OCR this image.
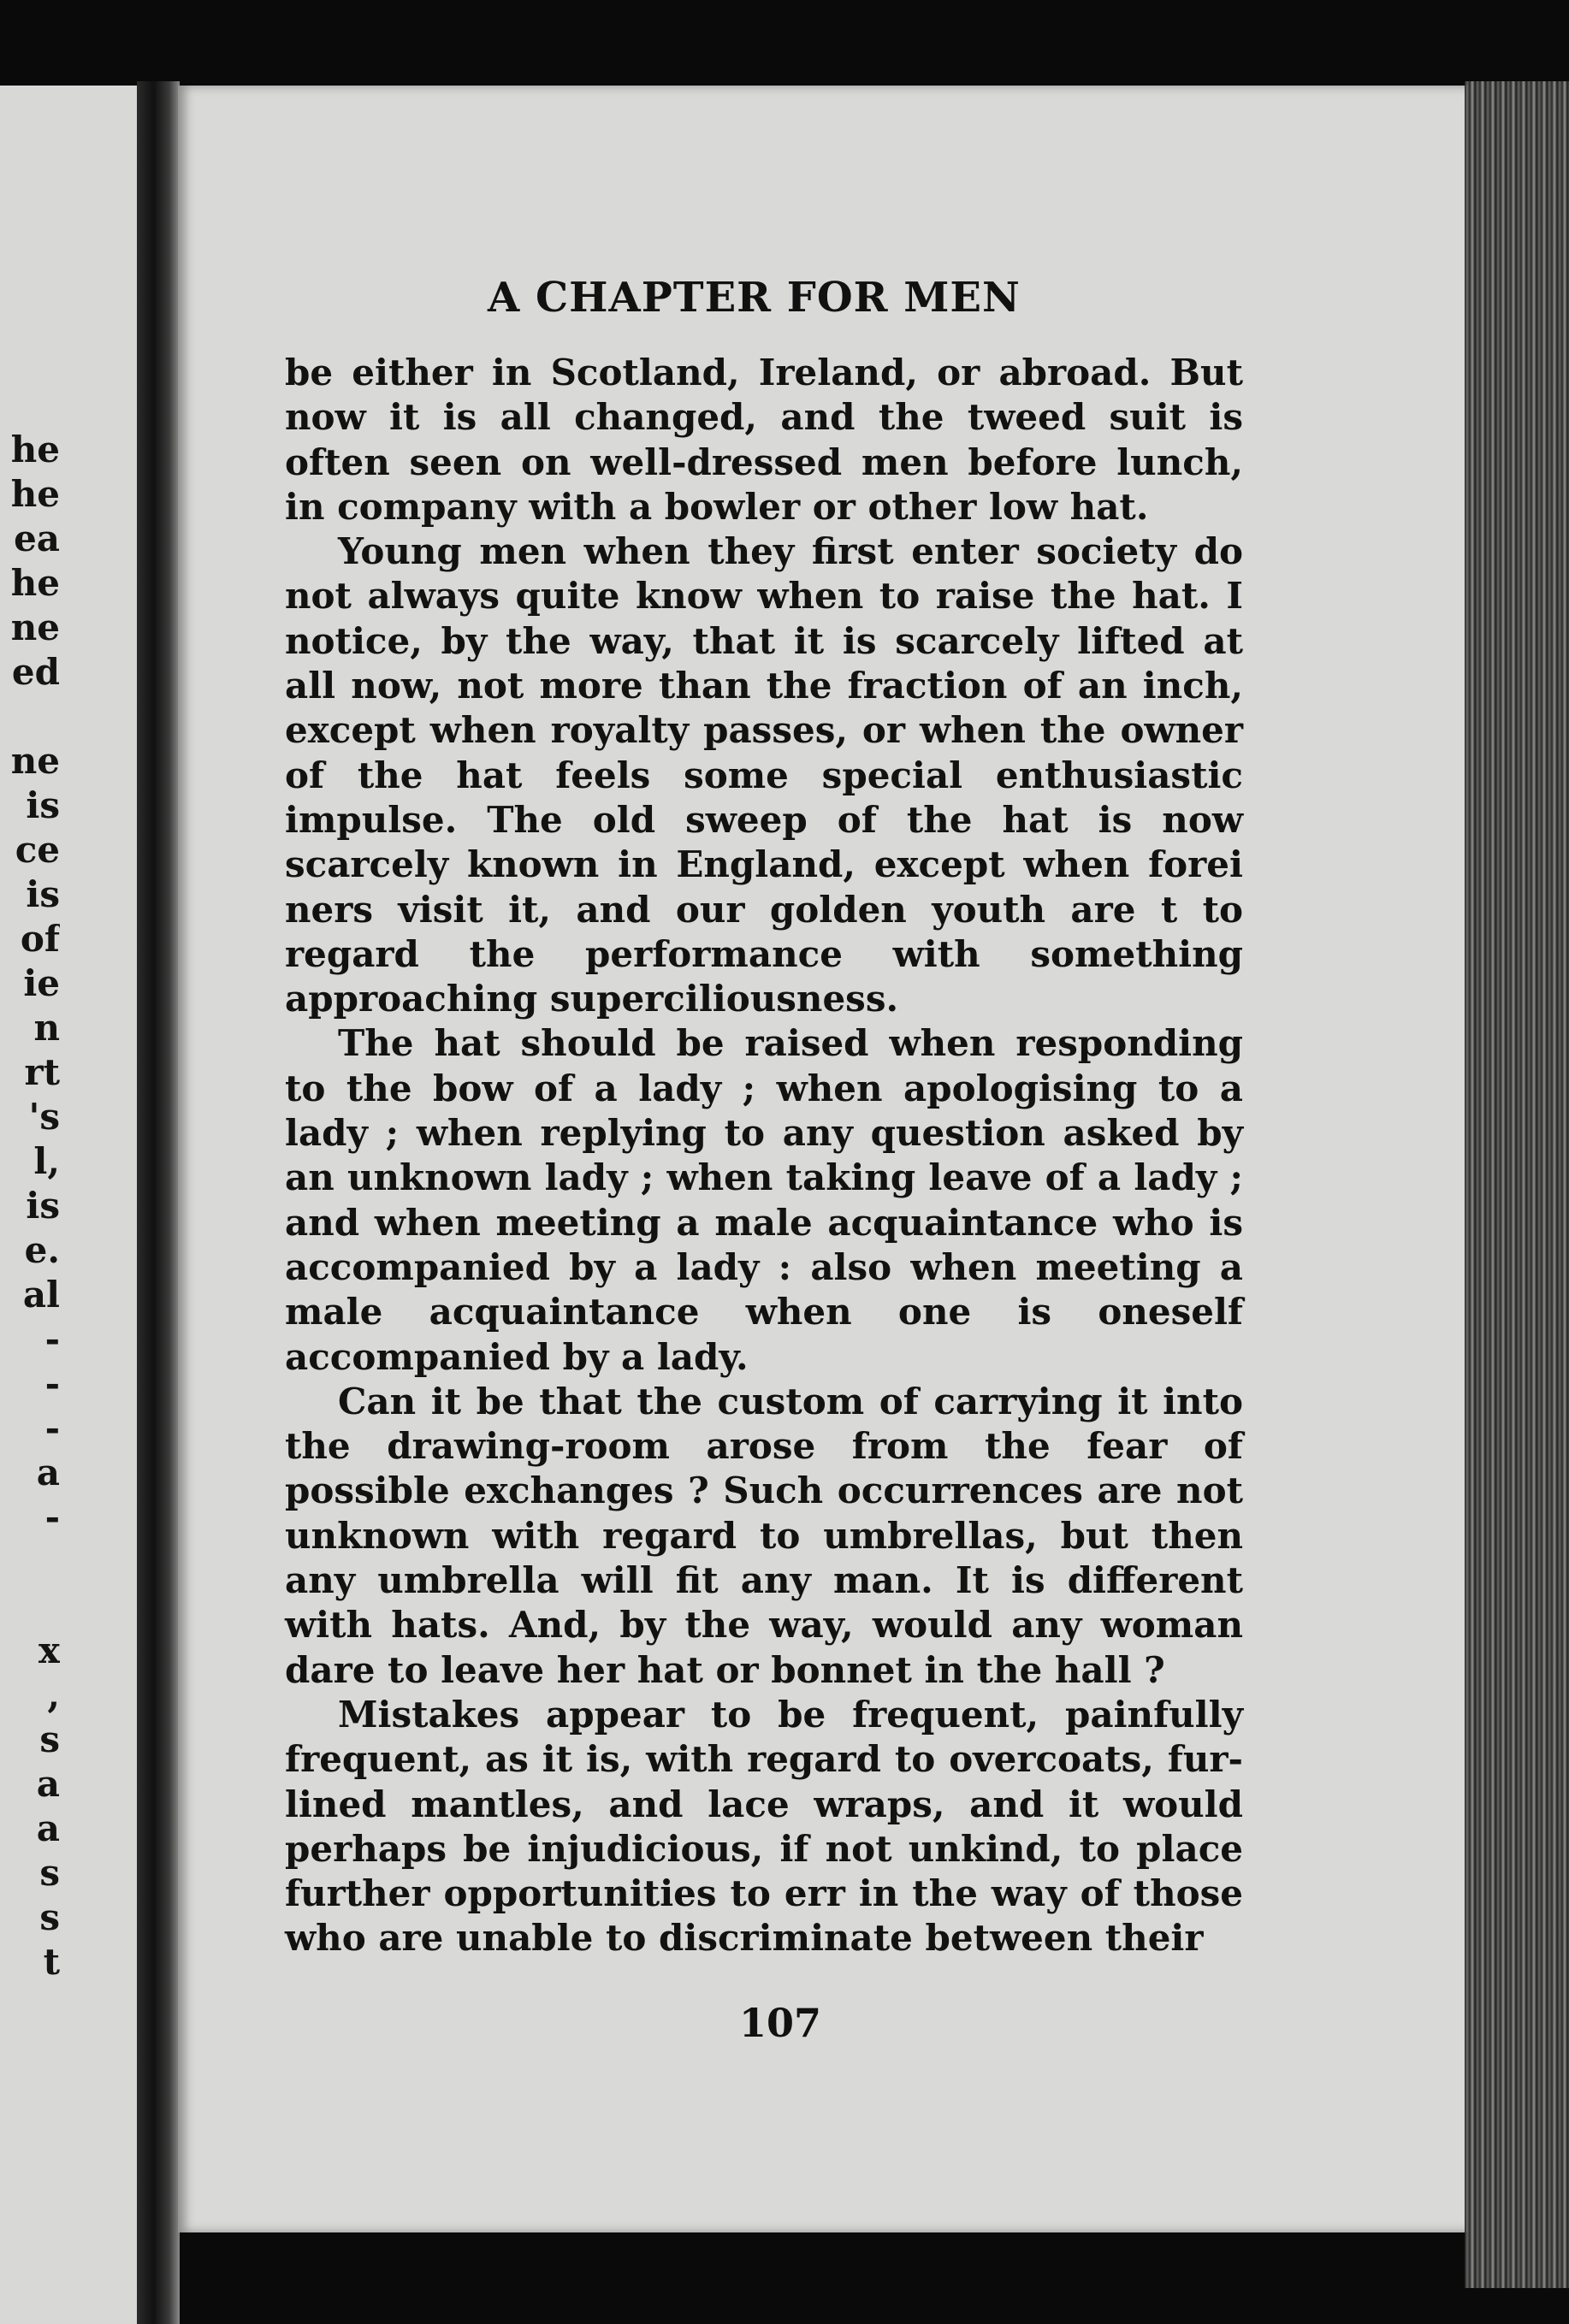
he
he
ea
he
ne
ed
ne
is
ce
is
of
ie
n
rt
's
l,
is
e.
al
-
-
-
a
-
x
,
s
a
a
s
s
t
A CHAPTER FOR MEN

be either in Scotland, Ireland, or abroad. But now it is all changed, and the tweed suit is often seen on well-dressed men before lunch, in company with a bowler or other low hat.

Young men when they first enter society do not always quite know when to raise the hat. I notice, by the way, that it is scarcely lifted at all now, not more than the fraction of an inch, except when royalty passes, or when the owner of the hat feels some special enthusiastic impulse. The old sweep of the hat is now scarcely known in England, except when forei ners visit it, and our golden youth are t to regard the performance with something approaching superciliousness.

The hat should be raised when responding to the bow of a lady ; when apologising to a lady ; when replying to any question asked by an unknown lady ; when taking leave of a lady ; and when meeting a male acquaintance who is accompanied by a lady : also when meeting a male acquaintance when one is oneself accompanied by a lady.

Can it be that the custom of carrying it into the drawing-room arose from the fear of possible exchanges ? Such occurrences are not unknown with regard to umbrellas, but then any umbrella will fit any man. It is different with hats. And, by the way, would any woman dare to leave her hat or bonnet in the hall ?

Mistakes appear to be frequent, painfully frequent, as it is, with regard to overcoats, fur-lined mantles, and lace wraps, and it would perhaps be injudicious, if not unkind, to place further opportunities to err in the way of those who are unable to discriminate between their

107
